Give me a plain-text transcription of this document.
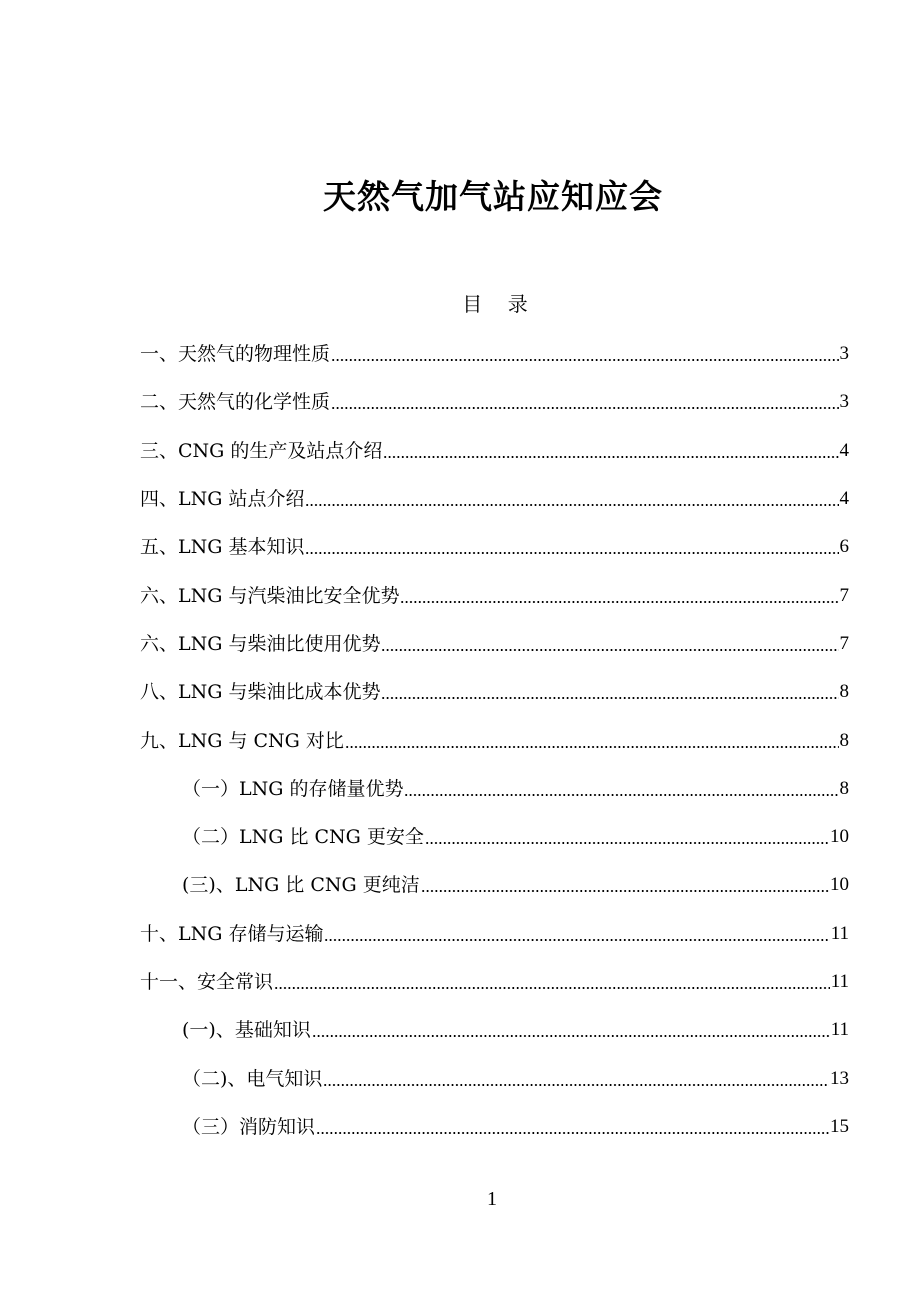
天然气加气站应知应会
目    录
一、天然气的物理性质	3
二、天然气的化学性质	3
三、CNG 的生产及站点介绍	4
四、LNG 站点介绍	4
五、LNG 基本知识	6
六、LNG 与汽柴油比安全优势	7
六、LNG 与柴油比使用优势	7
八、LNG 与柴油比成本优势	8
九、LNG 与 CNG 对比	8
（一）LNG 的存储量优势	8
（二）LNG 比 CNG 更安全	10
(三)、LNG 比 CNG 更纯洁	10
十、LNG 存储与运输	11
十一、安全常识	11
(一)、基础知识	11
（二)、电气知识	13
（三）消防知识	15
1
